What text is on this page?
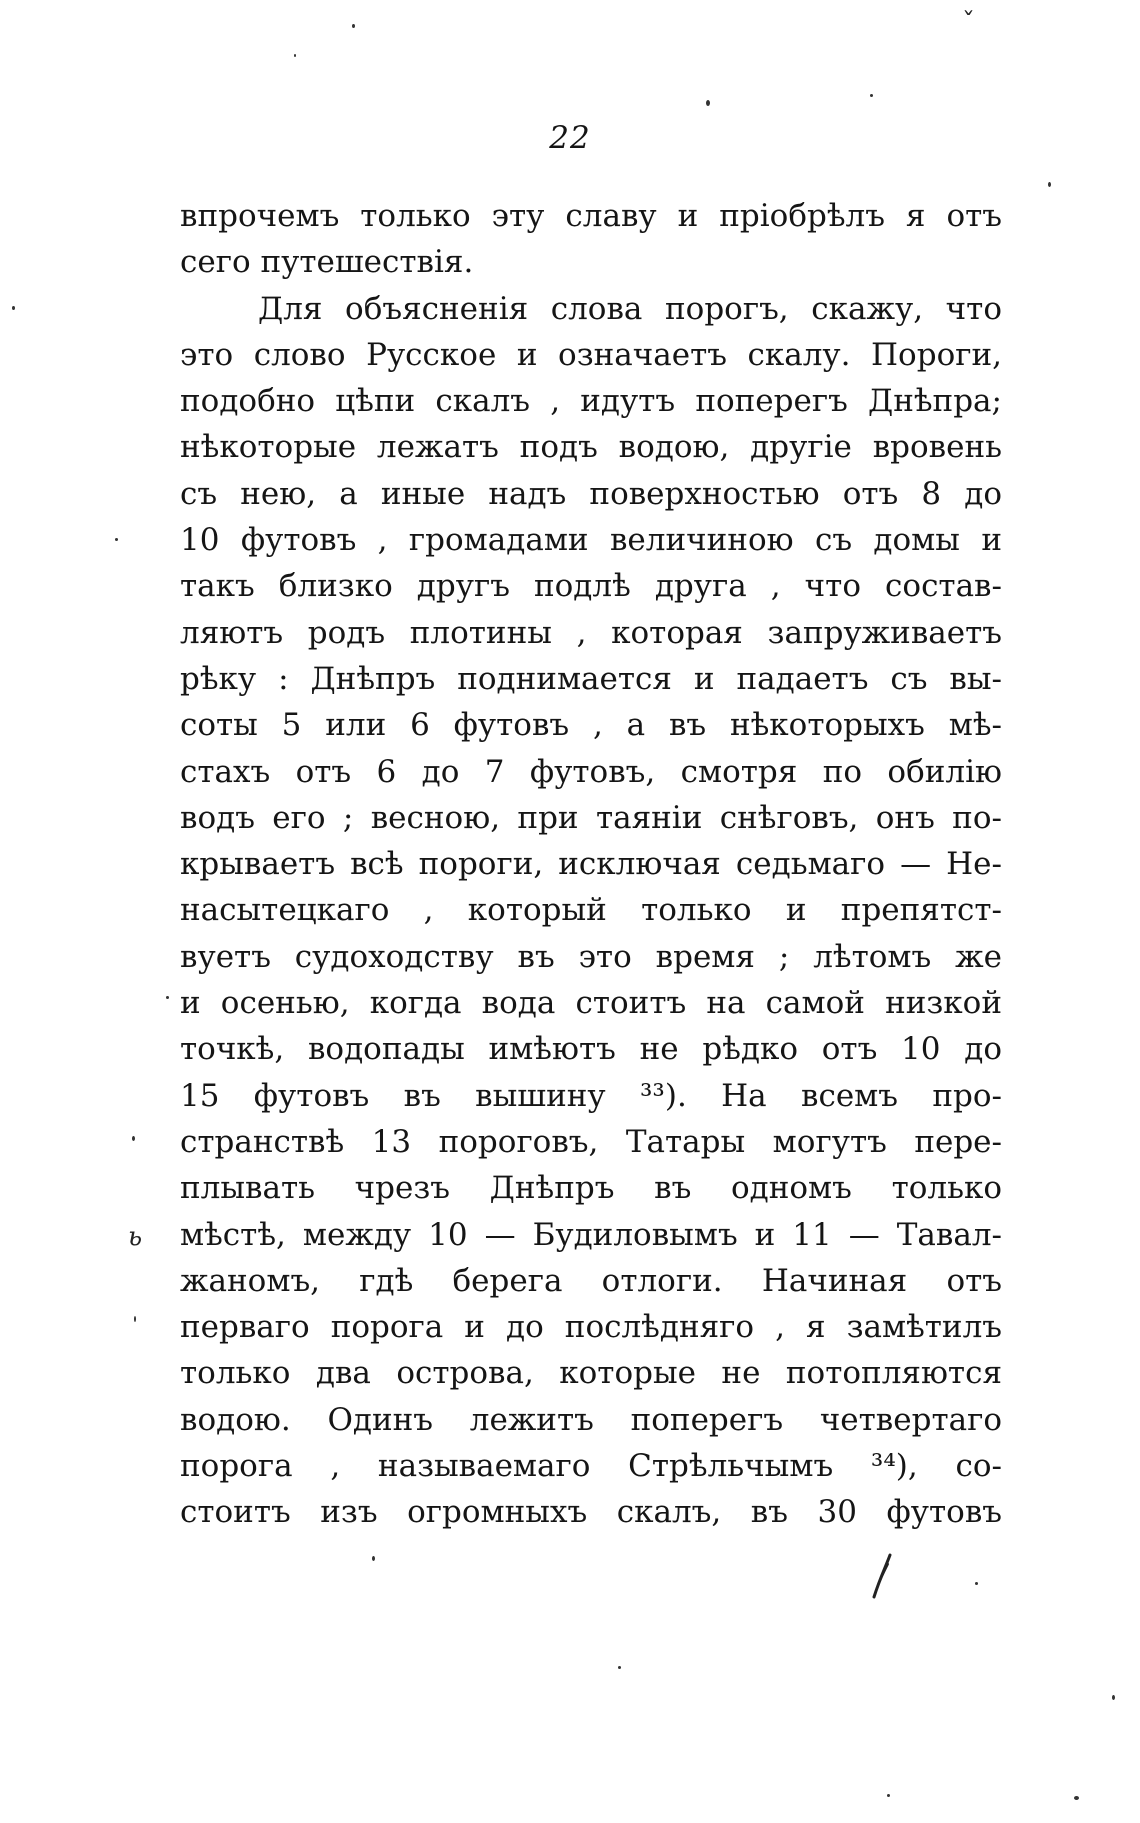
22
впрочемъ только эту славу и пріобрѣлъ я отъ
сего путешествія.
Для объясненія слова порогъ, скажу, что
это слово Русское и означаетъ скалу. Пороги,
подобно цѣпи скалъ , идутъ поперегъ Днѣпра;
нѣкоторые лежатъ подъ водою, другіе вровень
съ нею, а иные надъ поверхностью отъ 8 до
10 футовъ , громадами величиною съ домы и
такъ близко другъ подлѣ друга , что состав-
ляютъ родъ плотины , которая запруживаетъ
рѣку : Днѣпръ поднимается и падаетъ съ вы-
соты 5 или 6 футовъ , а въ нѣкоторыхъ мѣ-
стахъ отъ 6 до 7 футовъ, смотря по обилію
водъ его ; весною, при таяніи снѣговъ, онъ по-
крываетъ всѣ пороги, исключая седьмаго — Не-
насытецкаго , который только и препятст-
вуетъ судоходству въ это время ; лѣтомъ же
и осенью, когда вода стоитъ на самой низкой
точкѣ, водопады имѣютъ не рѣдко отъ 10 до
15 футовъ въ вышину ³³). На всемъ про-
странствѣ 13 пороговъ, Татары могутъ пере-
плывать чрезъ Днѣпръ въ одномъ только
мѣстѣ, между 10 — Будиловымъ и 11 — Тавал-
жаномъ, гдѣ берега отлоги. Начиная отъ
перваго порога и до послѣдняго , я замѣтилъ
только два острова, которые не потопляются
водою. Одинъ лежитъ поперегъ четвертаго
порога , называемаго Стрѣльчымъ ³⁴), со-
стоитъ изъ огромныхъ скалъ, въ 30 футовъ
ь
ˇ
